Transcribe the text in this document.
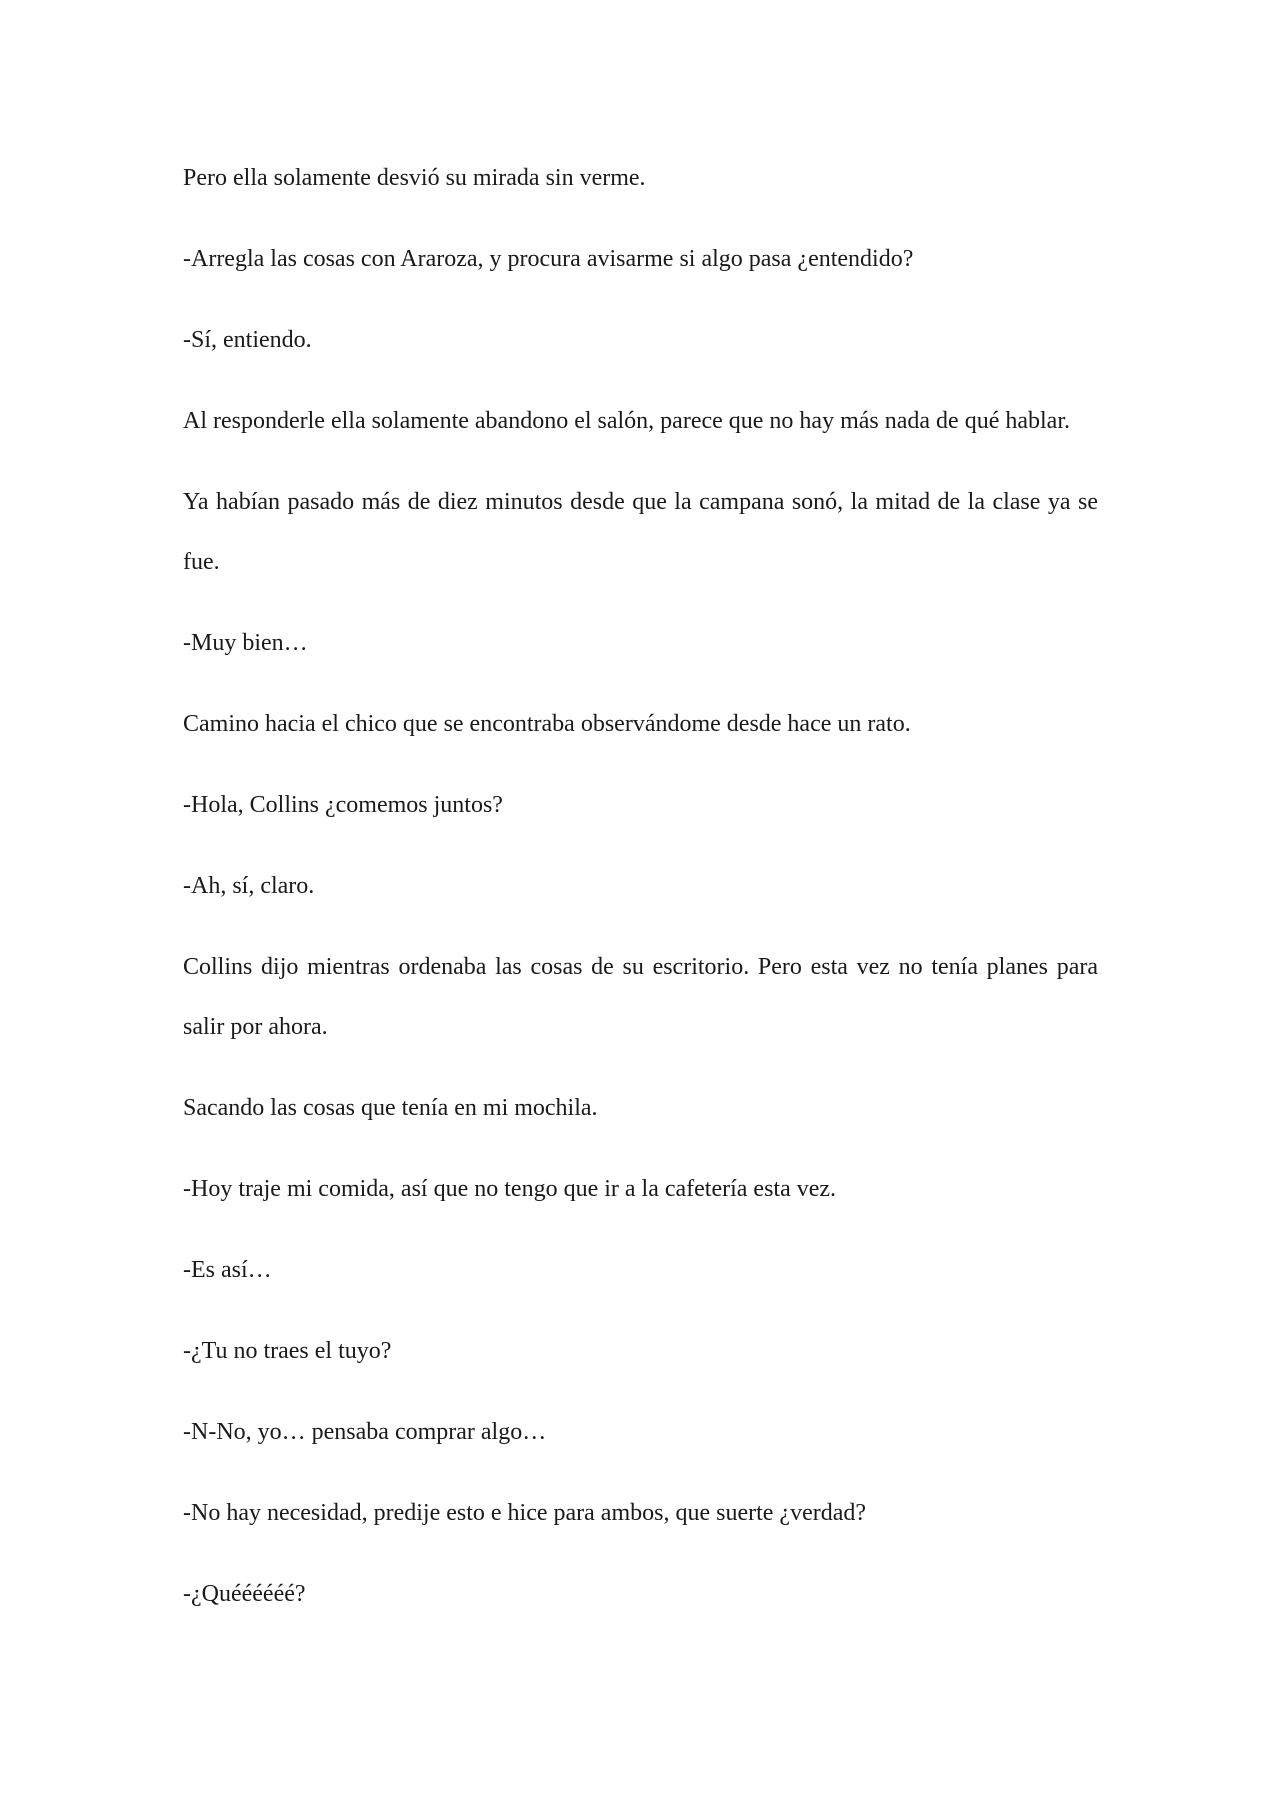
Pero ella solamente desvió su mirada sin verme.

-Arregla las cosas con Araroza, y procura avisarme si algo pasa ¿entendido?

-Sí, entiendo.

Al responderle ella solamente abandono el salón, parece que no hay más nada de qué hablar.

Ya habían pasado más de diez minutos desde que la campana sonó, la mitad de la clase ya se fue.

-Muy bien…

Camino hacia el chico que se encontraba observándome desde hace un rato.

-Hola, Collins ¿comemos juntos?

-Ah, sí, claro.

Collins dijo mientras ordenaba las cosas de su escritorio. Pero esta vez no tenía planes para salir por ahora.

Sacando las cosas que tenía en mi mochila.

-Hoy traje mi comida, así que no tengo que ir a la cafetería esta vez.

-Es así…

-¿Tu no traes el tuyo?

-N-No, yo… pensaba comprar algo…

-No hay necesidad, predije esto e hice para ambos, que suerte ¿verdad?

-¿Quéééééé?
